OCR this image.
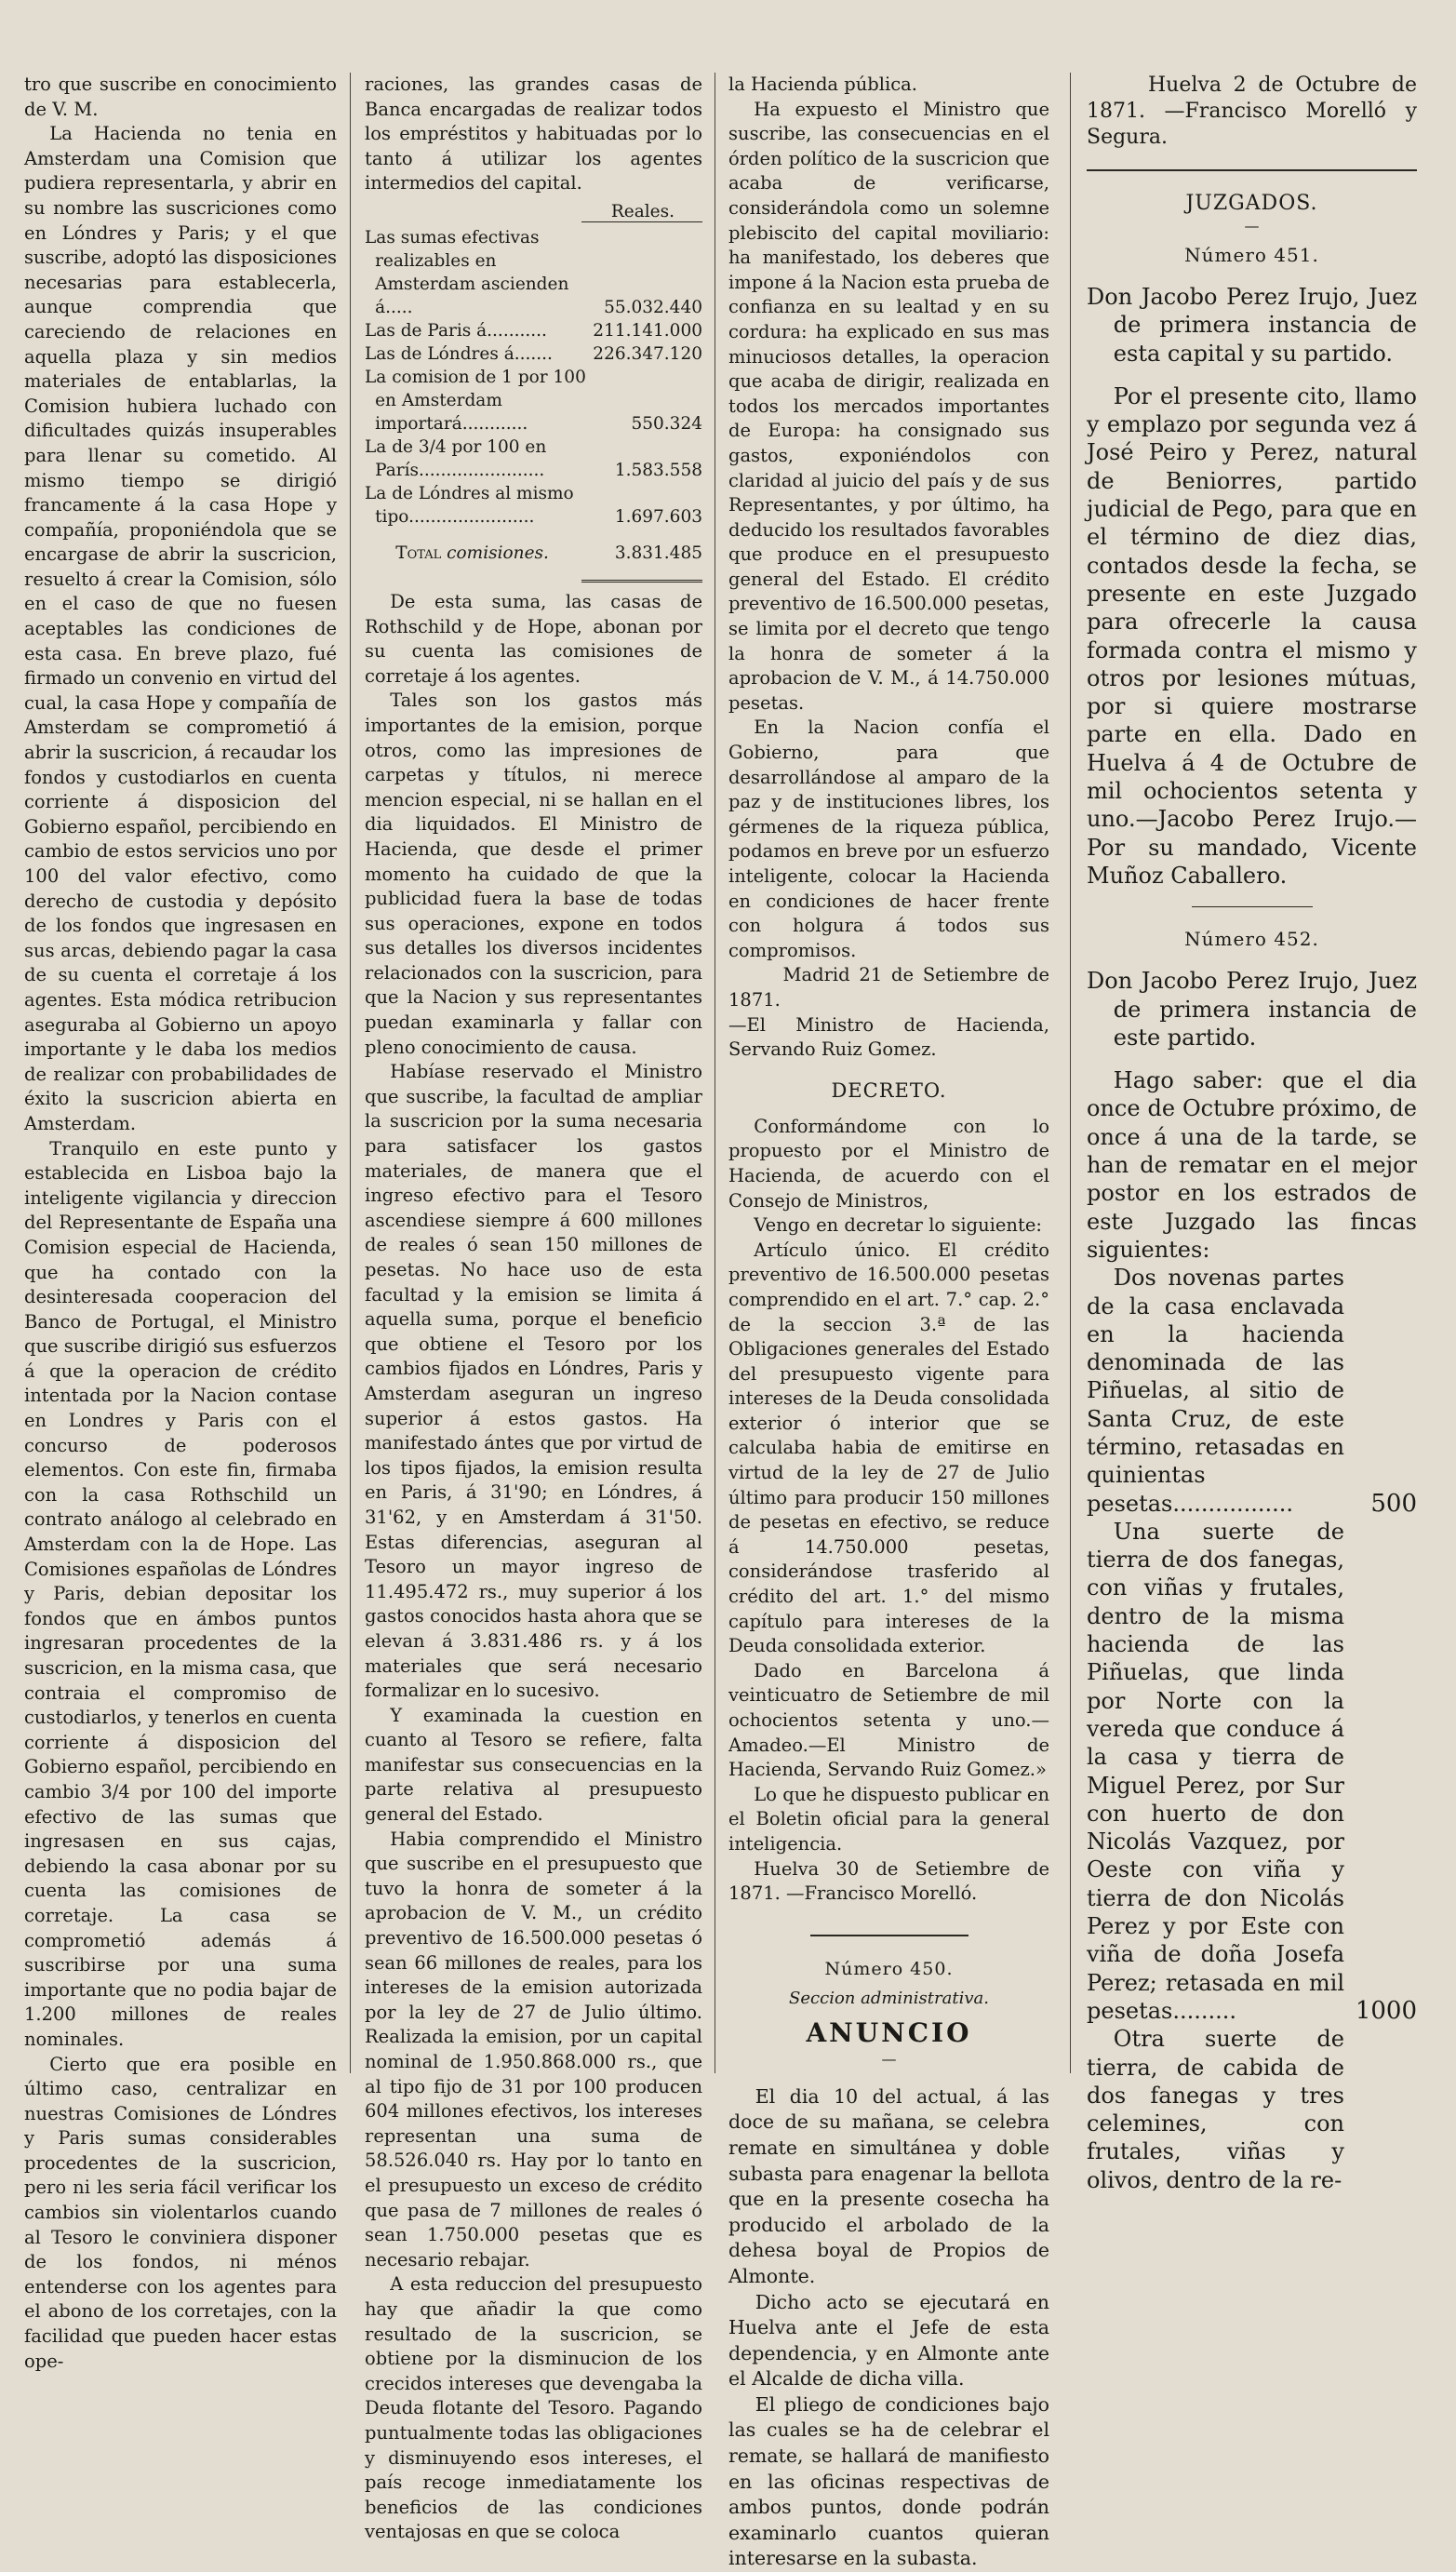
tro que suscribe en conocimiento de V. M.

La Hacienda no tenia en Amsterdam una Comision que pudiera representarla, y abrir en su nombre las suscriciones como en Lóndres y Paris; y el que suscribe, adoptó las disposiciones necesarias para establecerla, aunque comprendia que careciendo de relaciones en aquella plaza y sin medios materiales de entablarlas, la Comision hubiera luchado con dificultades quizás insuperables para llenar su cometido. Al mismo tiempo se dirigió francamente á la casa Hope y compañía, proponiéndola que se encargase de abrir la suscricion, resuelto á crear la Comision, sólo en el caso de que no fuesen aceptables las condiciones de esta casa. En breve plazo, fué firmado un convenio en virtud del cual, la casa Hope y compañía de Amsterdam se comprometió á abrir la suscricion, á recaudar los fondos y custodiarlos en cuenta corriente á disposicion del Gobierno español, percibiendo en cambio de estos servicios uno por 100 del valor efectivo, como derecho de custodia y depósito de los fondos que ingresasen en sus arcas, debiendo pagar la casa de su cuenta el corretaje á los agentes. Esta módica retribucion aseguraba al Gobierno un apoyo importante y le daba los medios de realizar con probabilidades de éxito la suscricion abierta en Amsterdam.

Tranquilo en este punto y establecida en Lisboa bajo la inteligente vigilancia y direccion del Representante de España una Comision especial de Hacienda, que ha contado con la desinteresada cooperacion del Banco de Portugal, el Ministro que suscribe dirigió sus esfuerzos á que la operacion de crédito intentada por la Nacion contase en Londres y Paris con el concurso de poderosos elementos. Con este fin, firmaba con la casa Rothschild un contrato análogo al celebrado en Amsterdam con la de Hope. Las Comisiones españolas de Lóndres y Paris, debian depositar los fondos que en ámbos puntos ingresaran procedentes de la suscricion, en la misma casa, que contraia el compromiso de custodiarlos, y tenerlos en cuenta corriente á disposicion del Gobierno español, percibiendo en cambio 3/4 por 100 del importe efectivo de las sumas que ingresasen en sus cajas, debiendo la casa abonar por su cuenta las comisiones de corretaje. La casa se comprometió además á suscribirse por una suma importante que no podia bajar de 1.200 millones de reales nominales.

Cierto que era posible en último caso, centralizar en nuestras Comisiones de Lóndres y Paris sumas considerables procedentes de la suscricion, pero ni les seria fácil verificar los cambios sin violentarlos cuando al Tesoro le conviniera disponer de los fondos, ni ménos entenderse con los agentes para el abono de los corretajes, con la facilidad que pueden hacer estas ope-

raciones, las grandes casas de Banca encargadas de realizar todos los empréstitos y habituadas por lo tanto á utilizar los agentes intermedios del capital.

Reales.
Las sumas efectivas realizables en Amsterdam ascienden á.....	55.032.440
Las de Paris á...........	211.141.000
Las de Lóndres á.......	226.347.120
La comision de 1 por 100 en Amsterdam importará............	550.324
La de 3/4 por 100 en París.......................	1.583.558
La de Lóndres al mismo tipo.......................	1.697.603
Total comisiones.	3.831.485

De esta suma, las casas de Rothschild y de Hope, abonan por su cuenta las comisiones de corretaje á los agentes.

Tales son los gastos más importantes de la emision, porque otros, como las impresiones de carpetas y títulos, ni merece mencion especial, ni se hallan en el dia liquidados. El Ministro de Hacienda, que desde el primer momento ha cuidado de que la publicidad fuera la base de todas sus operaciones, expone en todos sus detalles los diversos incidentes relacionados con la suscricion, para que la Nacion y sus representantes puedan examinarla y fallar con pleno conocimiento de causa.

Habíase reservado el Ministro que suscribe, la facultad de ampliar la suscricion por la suma necesaria para satisfacer los gastos materiales, de manera que el ingreso efectivo para el Tesoro ascendiese siempre á 600 millones de reales ó sean 150 millones de pesetas. No hace uso de esta facultad y la emision se limita á aquella suma, porque el beneficio que obtiene el Tesoro por los cambios fijados en Lóndres, Paris y Amsterdam aseguran un ingreso superior á estos gastos. Ha manifestado ántes que por virtud de los tipos fijados, la emision resulta en Paris, á 31'90; en Lóndres, á 31'62, y en Amsterdam á 31'50. Estas diferencias, aseguran al Tesoro un mayor ingreso de 11.495.472 rs., muy superior á los gastos conocidos hasta ahora que se elevan á 3.831.486 rs. y á los materiales que será necesario formalizar en lo sucesivo.

Y examinada la cuestion en cuanto al Tesoro se refiere, falta manifestar sus consecuencias en la parte relativa al presupuesto general del Estado.

Habia comprendido el Ministro que suscribe en el presupuesto que tuvo la honra de someter á la aprobacion de V. M., un crédito preventivo de 16.500.000 pesetas ó sean 66 millones de reales, para los intereses de la emision autorizada por la ley de 27 de Julio último. Realizada la emision, por un capital nominal de 1.950.868.000 rs., que al tipo fijo de 31 por 100 producen 604 millones efectivos, los intereses representan una suma de 58.526.040 rs. Hay por lo tanto en el presupuesto un exceso de crédito que pasa de 7 millones de reales ó sean 1.750.000 pesetas que es necesario rebajar.

A esta reduccion del presupuesto hay que añadir la que como resultado de la suscricion, se obtiene por la disminucion de los crecidos intereses que devengaba la Deuda flotante del Tesoro. Pagando puntualmente todas las obligaciones y disminuyendo esos intereses, el país recoge inmediatamente los beneficios de las condiciones ventajosas en que se coloca

la Hacienda pública.

Ha expuesto el Ministro que suscribe, las consecuencias en el órden político de la suscricion que acaba de verificarse, considerándola como un solemne plebiscito del capital moviliario: ha manifestado, los deberes que impone á la Nacion esta prueba de confianza en su lealtad y en su cordura: ha explicado en sus mas minuciosos detalles, la operacion que acaba de dirigir, realizada en todos los mercados importantes de Europa: ha consignado sus gastos, exponiéndolos con claridad al juicio del país y de sus Representantes, y por último, ha deducido los resultados favorables que produce en el presupuesto general del Estado. El crédito preventivo de 16.500.000 pesetas, se limita por el decreto que tengo la honra de someter á la aprobacion de V. M., á 14.750.000 pesetas.

En la Nacion confía el Gobierno, para que desarrollándose al amparo de la paz y de instituciones libres, los gérmenes de la riqueza pública, podamos en breve por un esfuerzo inteligente, colocar la Hacienda en condiciones de hacer frente con holgura á todos sus compromisos.

Madrid 21 de Setiembre de 1871.

—El Ministro de Hacienda, Servando Ruiz Gomez.

DECRETO.

Conformándome con lo propuesto por el Ministro de Hacienda, de acuerdo con el Consejo de Ministros,

Vengo en decretar lo siguiente:

Artículo único. El crédito preventivo de 16.500.000 pesetas comprendido en el art. 7.° cap. 2.° de la seccion 3.ª de las Obligaciones generales del Estado del presupuesto vigente para intereses de la Deuda consolidada exterior ó interior que se calculaba habia de emitirse en virtud de la ley de 27 de Julio último para producir 150 millones de pesetas en efectivo, se reduce á 14.750.000 pesetas, considerándose trasferido al crédito del art. 1.° del mismo capítulo para intereses de la Deuda consolidada exterior.

Dado en Barcelona á veinticuatro de Setiembre de mil ochocientos setenta y uno.—Amadeo.—El Ministro de Hacienda, Servando Ruiz Gomez.»

Lo que he dispuesto publicar en el Boletin oficial para la general inteligencia.

Huelva 30 de Setiembre de 1871. —Francisco Morelló.

Número 450.
Seccion administrativa.
ANUNCIO
—

El dia 10 del actual, á las doce de su mañana, se celebra remate en simultánea y doble subasta para enagenar la bellota que en la presente cosecha ha producido el arbolado de la dehesa boyal de Propios de Almonte.

Dicho acto se ejecutará en Huelva ante el Jefe de esta dependencia, y en Almonte ante el Alcalde de dicha villa.

El pliego de condiciones bajo las cuales se ha de celebrar el remate, se hallará de manifiesto en las oficinas respectivas de ambos puntos, donde podrán examinarlo cuantos quieran interesarse en la subasta.

Huelva 2 de Octubre de 1871. —Francisco Morelló y Segura.

JUZGADOS.
—
Número 451.

Don Jacobo Perez Irujo, Juez de primera instancia de esta capital y su partido.

Por el presente cito, llamo y emplazo por segunda vez á José Peiro y Perez, natural de Beniorres, partido judicial de Pego, para que en el término de diez dias, contados desde la fecha, se presente en este Juzgado para ofrecerle la causa formada contra el mismo y otros por lesiones mútuas, por si quiere mostrarse parte en ella. Dado en Huelva á 4 de Octubre de mil ochocientos setenta y uno.—Jacobo Perez Irujo.—Por su mandado, Vicente Muñoz Caballero.

Número 452.

Don Jacobo Perez Irujo, Juez de primera instancia de este partido.

Hago saber: que el dia once de Octubre próximo, de once á una de la tarde, se han de rematar en el mejor postor en los estrados de este Juzgado las fincas siguientes:

Dos novenas partes de la casa enclavada en la hacienda denominada de las Piñuelas, al sitio de Santa Cruz, de este término, retasadas en quinientas pesetas.................	500

Una suerte de tierra de dos fanegas, con viñas y frutales, dentro de la misma hacienda de las Piñuelas, que linda por Norte con la vereda que conduce á la casa y tierra de Miguel Perez, por Sur con huerto de don Nicolás Vazquez, por Oeste con viña y tierra de don Nicolás Perez y por Este con viña de doña Josefa Perez; retasada en mil pesetas.........	1000

Otra suerte de tierra, de cabida de dos fanegas y tres celemines, con frutales, viñas y olivos, dentro de la re-
